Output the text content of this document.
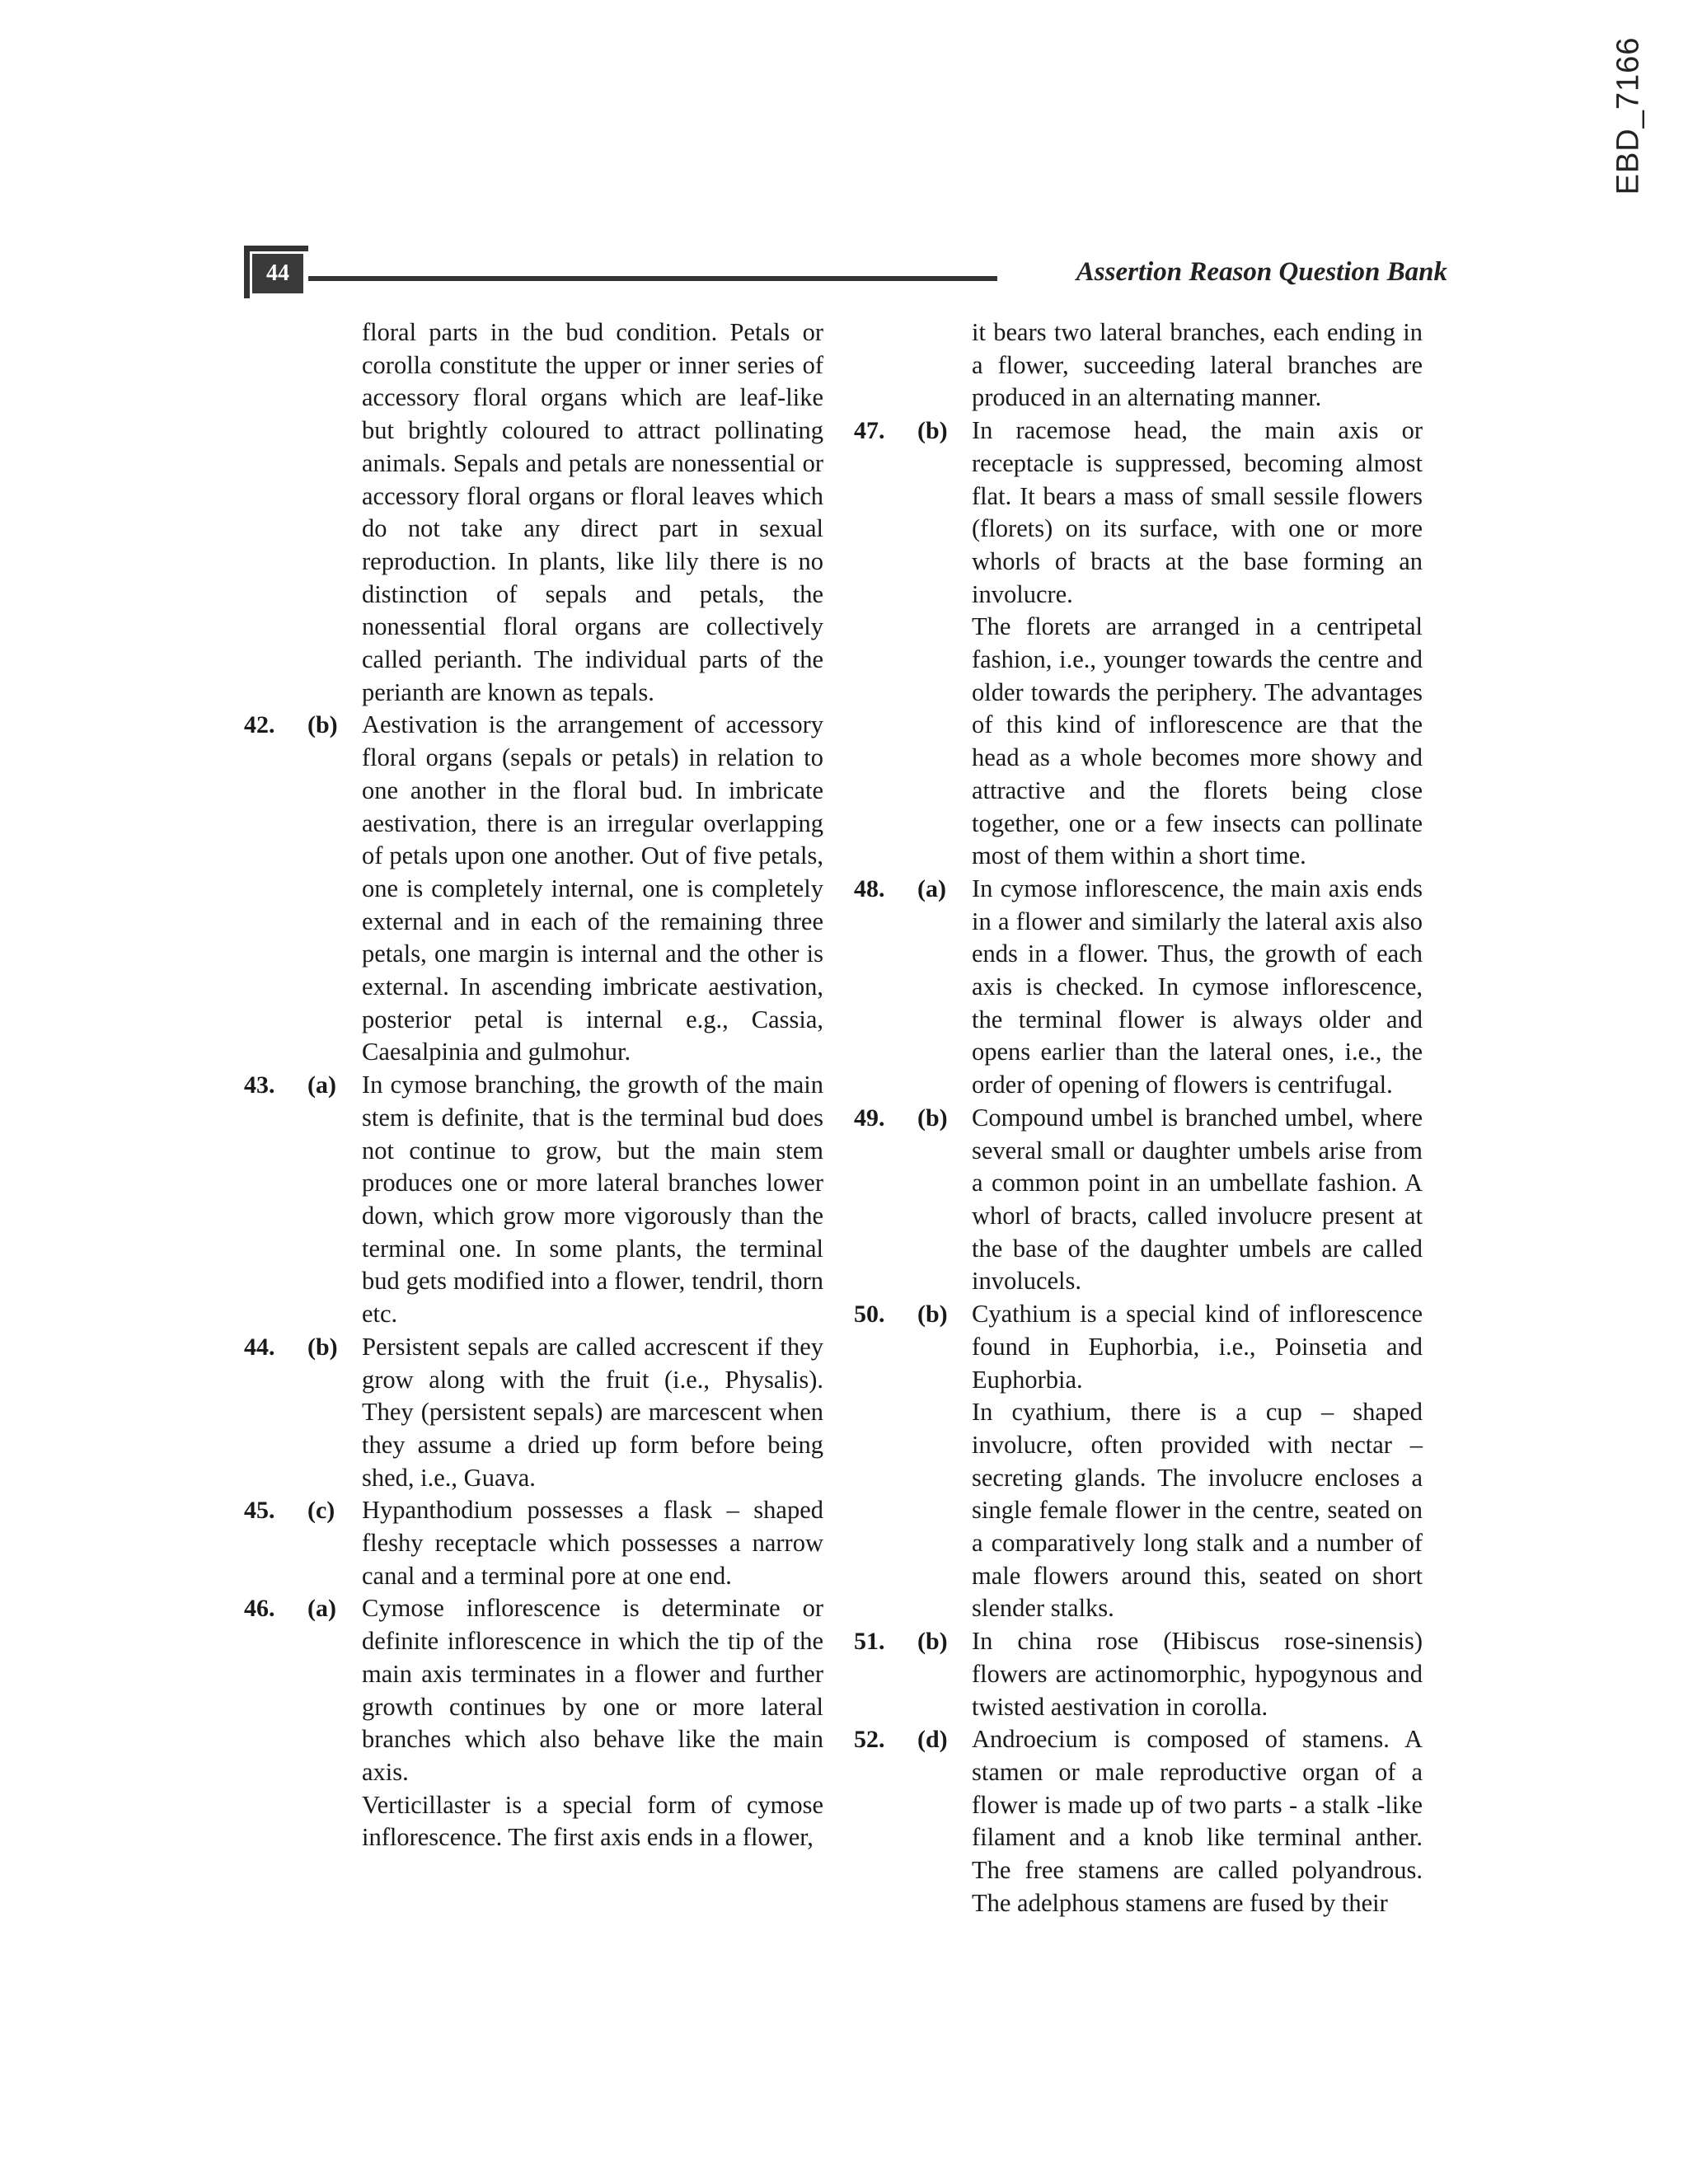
EBD_7166
44	Assertion Reason Question Bank

floral parts in the bud condition. Petals or corolla constitute the upper or inner series of accessory floral organs which are leaf-like but brightly coloured to attract pollinating animals. Sepals and petals are nonessential or accessory floral organs or floral leaves which do not take any direct part in sexual reproduction. In plants, like lily there is no distinction of sepals and petals, the nonessential floral organs are collectively called perianth. The individual parts of the perianth are known as tepals.

42. (b) Aestivation is the arrangement of accessory floral organs (sepals or petals) in relation to one another in the floral bud. In imbricate aestivation, there is an irregular overlapping of petals upon one another. Out of five petals, one is completely internal, one is completely external and in each of the remaining three petals, one margin is internal and the other is external. In ascending imbricate aestivation, posterior petal is internal e.g., Cassia, Caesalpinia and gulmohur.

43. (a) In cymose branching, the growth of the main stem is definite, that is the terminal bud does not continue to grow, but the main stem produces one or more lateral branches lower down, which grow more vigorously than the terminal one. In some plants, the terminal bud gets modified into a flower, tendril, thorn etc.

44. (b) Persistent sepals are called accrescent if they grow along with the fruit (i.e., Physalis). They (persistent sepals) are marcescent when they assume a dried up form before being shed, i.e., Guava.

45. (c) Hypanthodium possesses a flask – shaped fleshy receptacle which possesses a narrow canal and a terminal pore at one end.

46. (a) Cymose inflorescence is determinate or definite inflorescence in which the tip of the main axis terminates in a flower and further growth continues by one or more lateral branches which also behave like the main axis.

Verticillaster is a special form of cymose inflorescence. The first axis ends in a flower,

it bears two lateral branches, each ending in a flower, succeeding lateral branches are produced in an alternating manner.

47. (b) In racemose head, the main axis or receptacle is suppressed, becoming almost flat. It bears a mass of small sessile flowers (florets) on its surface, with one or more whorls of bracts at the base forming an involucre.

The florets are arranged in a centripetal fashion, i.e., younger towards the centre and older towards the periphery. The advantages of this kind of inflorescence are that the head as a whole becomes more showy and attractive and the florets being close together, one or a few insects can pollinate most of them within a short time.

48. (a) In cymose inflorescence, the main axis ends in a flower and similarly the lateral axis also ends in a flower. Thus, the growth of each axis is checked. In cymose inflorescence, the terminal flower is always older and opens earlier than the lateral ones, i.e., the order of opening of flowers is centrifugal.

49. (b) Compound umbel is branched umbel, where several small or daughter umbels arise from a common point in an umbellate fashion. A whorl of bracts, called involucre present at the base of the daughter umbels are called involucels.

50. (b) Cyathium is a special kind of inflorescence found in Euphorbia, i.e., Poinsetia and Euphorbia.

In cyathium, there is a cup – shaped involucre, often provided with nectar – secreting glands. The involucre encloses a single female flower in the centre, seated on a comparatively long stalk and a number of male flowers around this, seated on short slender stalks.

51. (b) In china rose (Hibiscus rose-sinensis) flowers are actinomorphic, hypogynous and twisted aestivation in corolla.

52. (d) Androecium is composed of stamens. A stamen or male reproductive organ of a flower is made up of two parts - a stalk -like filament and a knob like terminal anther. The free stamens are called polyandrous. The adelphous stamens are fused by their
